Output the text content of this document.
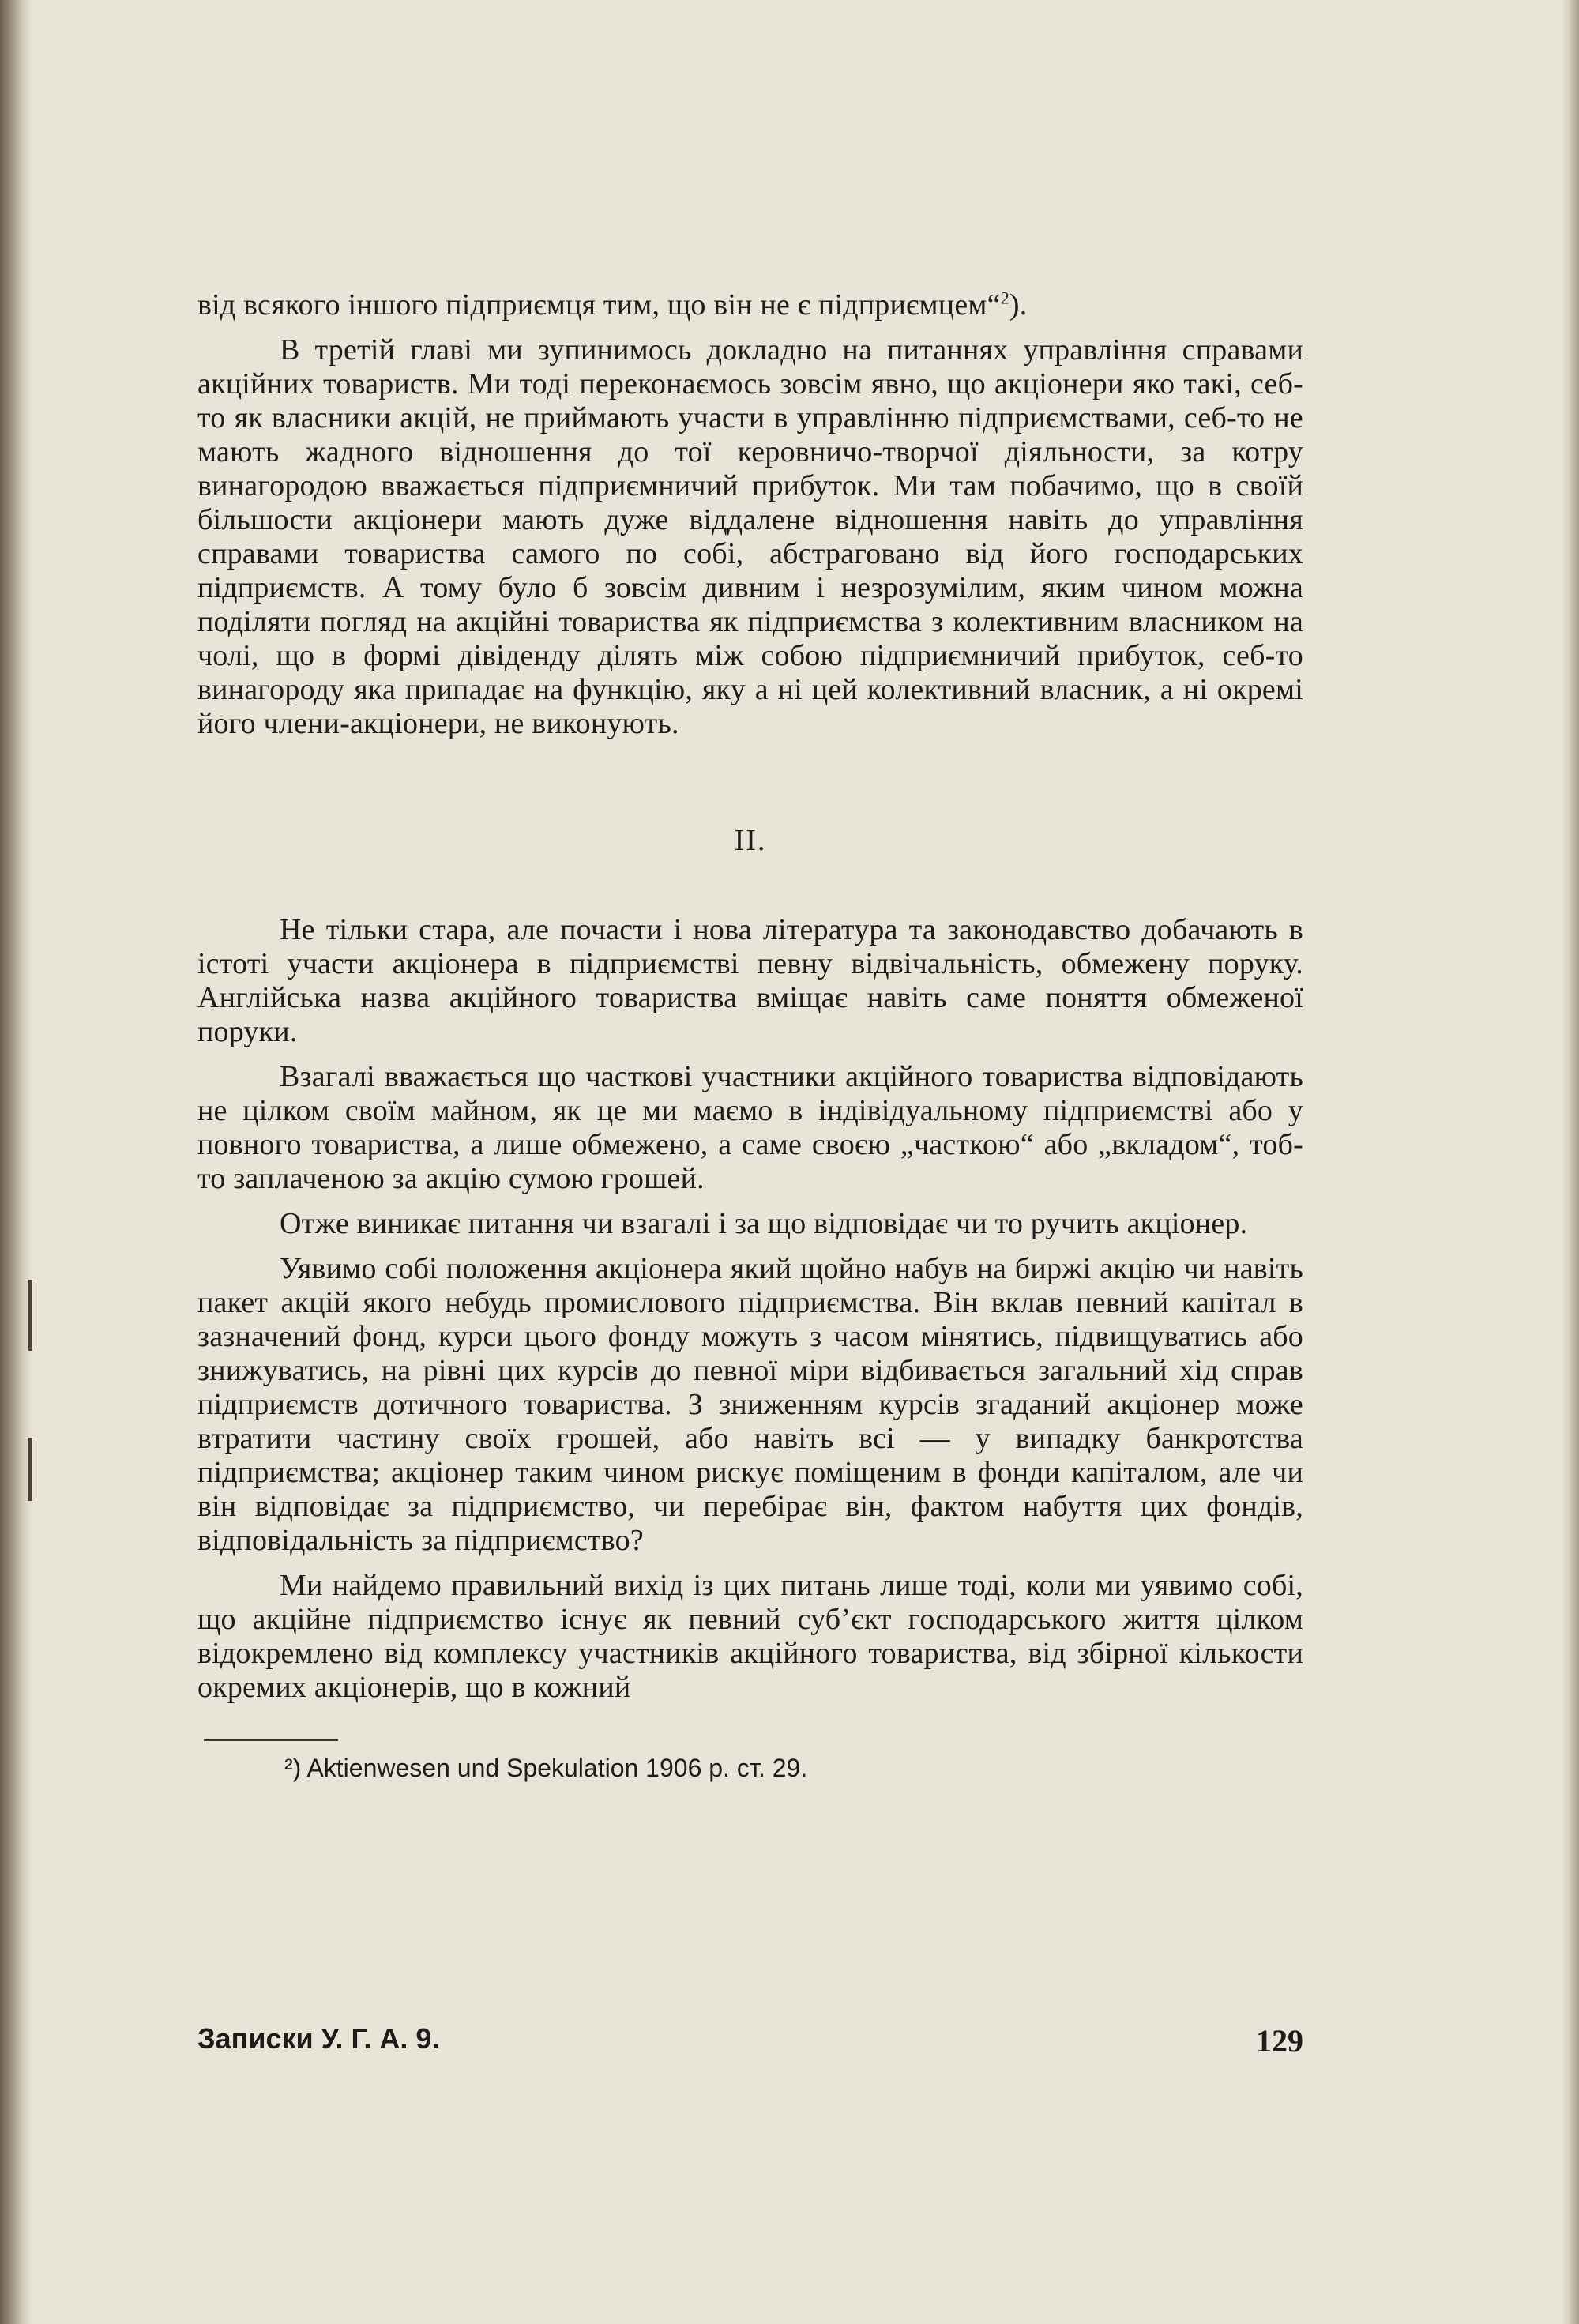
від всякого іншого підприємця тим, що він не є підприємцем“$^2$).

В третій главі ми зупинимось докладно на питаннях управління справами акційних товариств. Ми тоді переконаємось зовсім явно, що акціонери яко такі, себ-то як власники акцій, не приймають участи в управлінню підприємствами, себ-то не мають жадного відношення до тої керовничо-творчої діяльности, за котру винагородою вважається підприємничий прибуток. Ми там побачимо, що в своїй більшости акціонери мають дуже віддалене відношення навіть до управління справами товариства самого по собі, абстраговано від його господарських підприємств. А тому було б зовсім дивним і незрозумілим, яким чином можна поділяти погляд на акційні товариства як підприємства з колективним власником на чолі, що в формі діві‌денду ділять між собою підприємничий прибуток, себ-то винагороду яка припадає на функцію, яку а ні цей колективний власник, а ні окремі його члени-акціонери, не виконують.

II.

Не тільки стара, але почасти і нова література та законодавство добачають в істоті участи акціонера в підприємстві певну відвічальність, обмежену поруку. Англійська назва акційного товариства вміщає навіть саме поняття обмеженої поруки.

Взагалі вважається що часткові участники акційного товариства відповідають не цілком своїм майном, як це ми маємо в індівідуальному підприємстві або у повного товариства, а лише обмежено, а саме своєю „часткою“ або „вкладом“, тоб-то заплаченою за акцію сумою грошей.

Отже виникає питання чи взагалі і за що відповідає чи то ручить акціонер.

Уявимо собі положення акціонера який щойно набув на биржі акцію чи навіть пакет акцій якого небудь промислового підприємства. Він вклав певний капітал в зазначений фонд, курси цього фонду можуть з часом мінятись, підвищуватись або знижуватись, на рівні цих курсів до певної міри відбивається загальний хід справ підприємств дотичного товариства. З зниженням курсів згаданий акціонер може втратити частину своїх грошей, або навіть всі — у випадку банкротства підприємства; акціонер таким чином рискує поміщеним в фонди капіталом, але чи він відповідає за підприємство, чи перебірає він, фактом набуття цих фондів, відповідальність за підприємство?

Ми найдемо правильний вихід із цих питань лише тоді, коли ми уявимо собі, що акційне підприємство існує як певний суб’єкт господарського життя цілком відокремлено від комплексу участників акційного товариства, від збірної кількости окремих акціонерів, що в кожний

²) Aktienwesen und Spekulation 1906 р. ст. 29.
Записки У. Г. А. 9.	129
